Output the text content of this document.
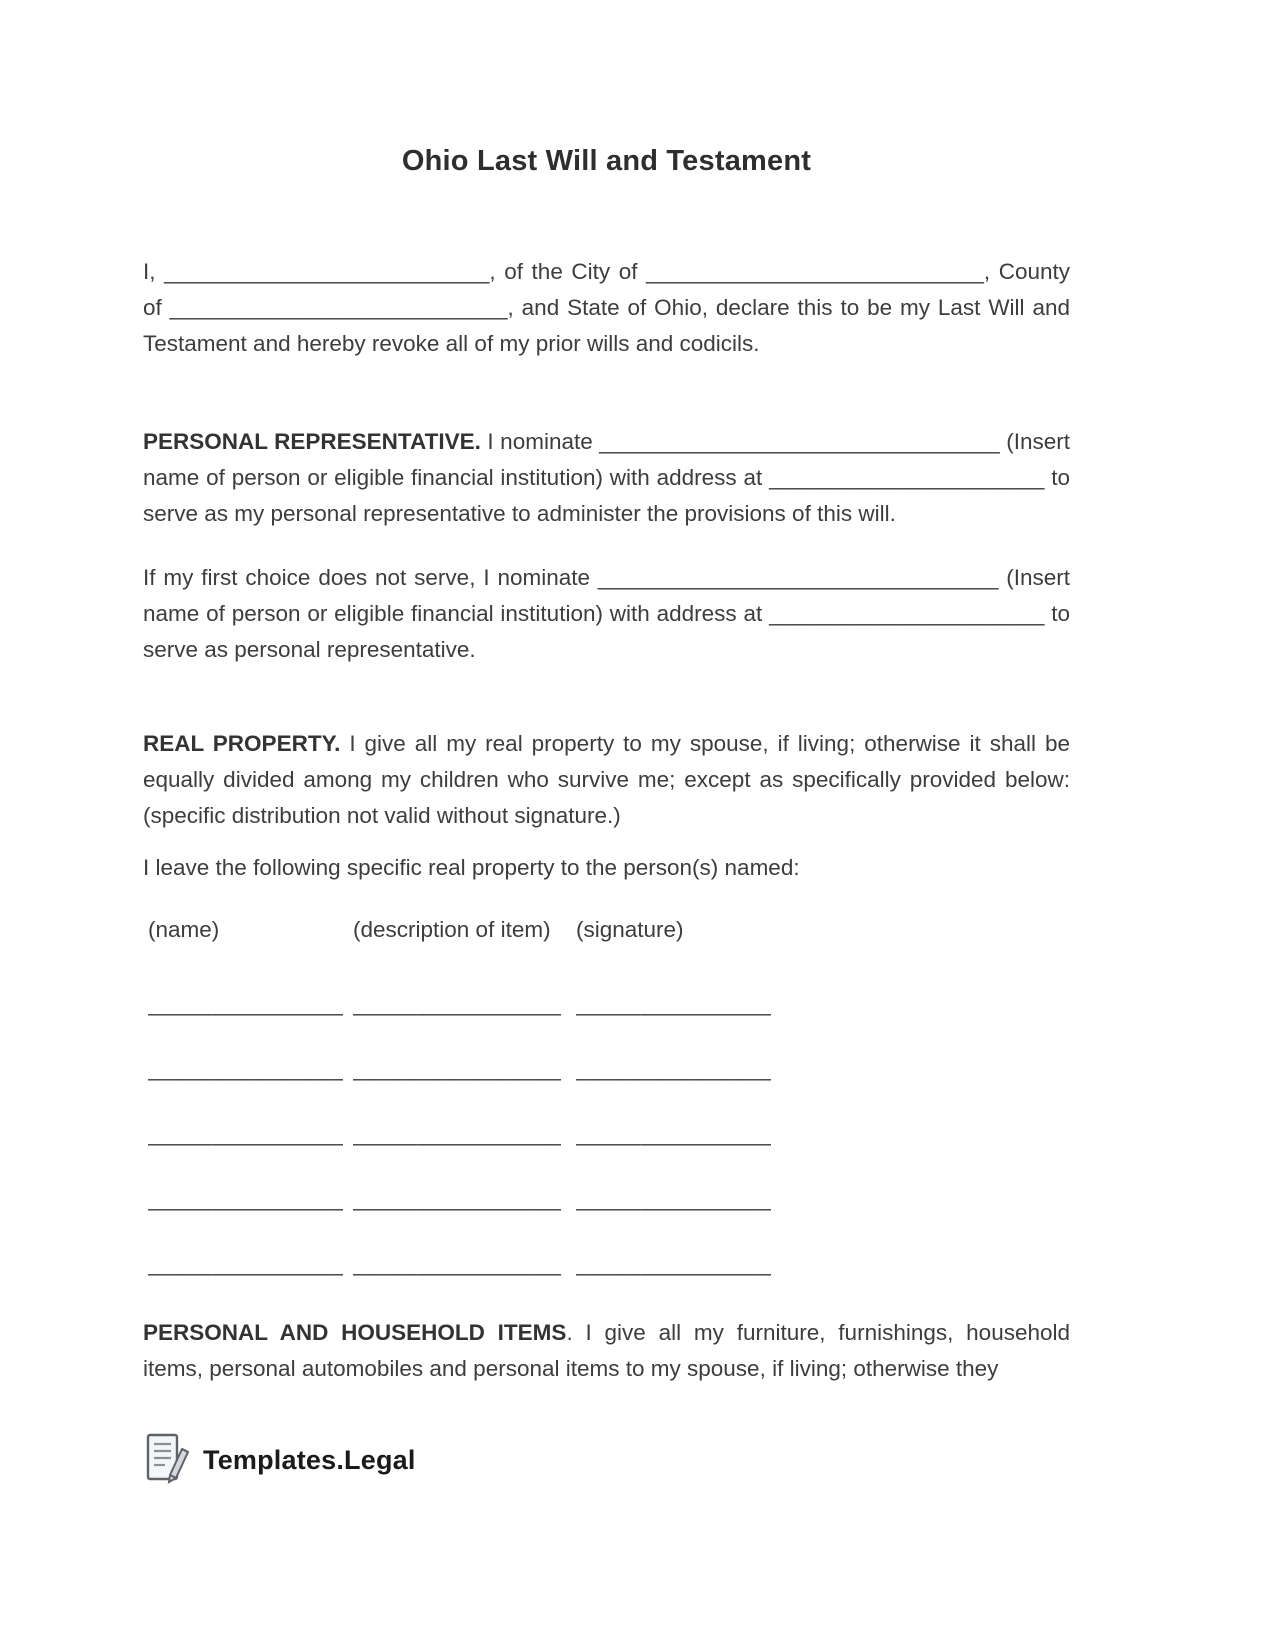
Ohio Last Will and Testament

I, __________________________, of the City of ___________________________, County of ___________________________, and State of Ohio, declare this to be my Last Will and Testament and hereby revoke all of my prior wills and codicils.

PERSONAL REPRESENTATIVE. I nominate ________________________________ (Insert name of person or eligible financial institution) with address at ______________________ to serve as my personal representative to administer the provisions of this will.

If my first choice does not serve, I nominate ________________________________ (Insert name of person or eligible financial institution) with address at ______________________ to serve as personal representative.

REAL PROPERTY. I give all my real property to my spouse, if living; otherwise it shall be equally divided among my children who survive me; except as specifically provided below: (specific distribution not valid without signature.)

I leave the following specific real property to the person(s) named:

(name)	(description of item)	(signature)
_______________ ________________ _______________
_______________ ________________ _______________
_______________ ________________ _______________
_______________ ________________ _______________
_______________ ________________ _______________

PERSONAL AND HOUSEHOLD ITEMS. I give all my furniture, furnishings, household items, personal automobiles and personal items to my spouse, if living; otherwise they

Templates.Legal
